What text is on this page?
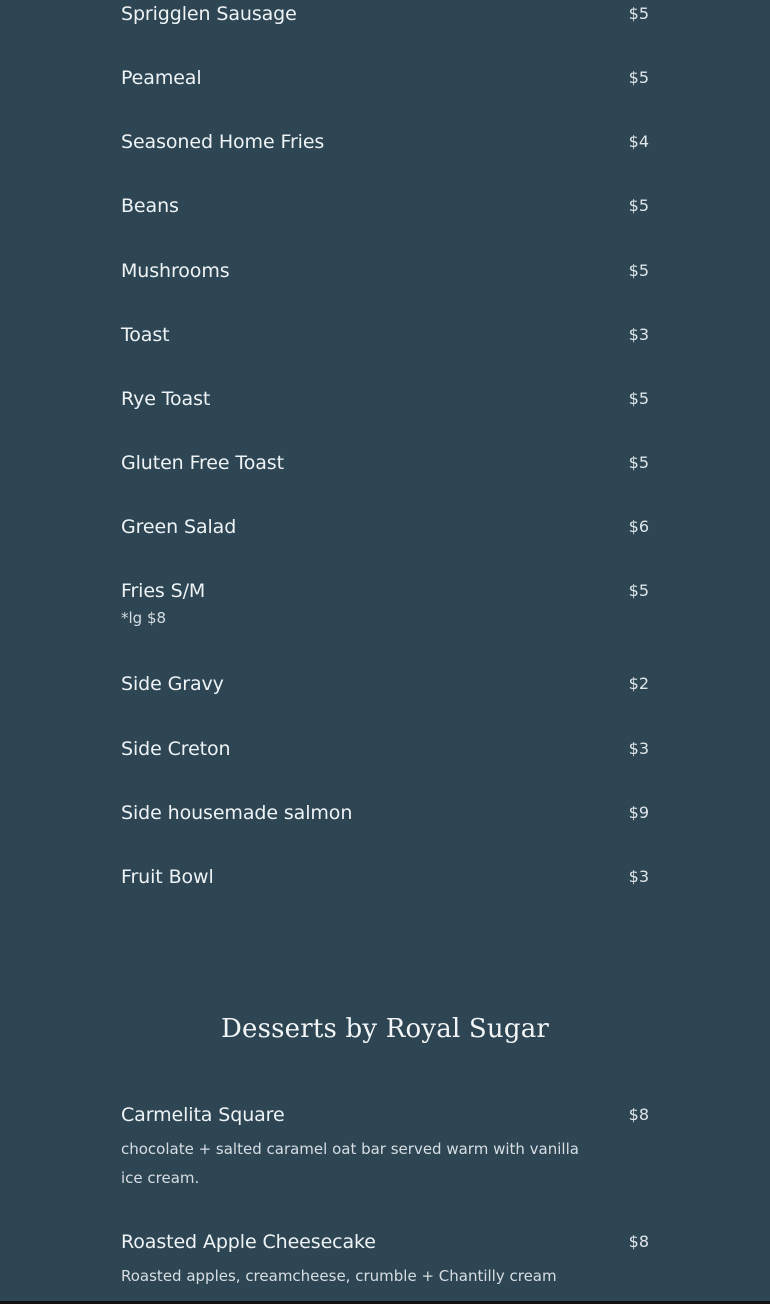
Sprigglen Sausage	$5
Peameal	$5
Seasoned Home Fries	$4
Beans	$5
Mushrooms	$5
Toast	$3
Rye Toast	$5
Gluten Free Toast	$5
Green Salad	$6
Fries S/M	$5
*lg $8
Side Gravy	$2
Side Creton	$3
Side housemade salmon	$9
Fruit Bowl	$3
Desserts by Royal Sugar
Carmelita Square	$8
chocolate + salted caramel oat bar served warm with vanilla ice cream.
Roasted Apple Cheesecake	$8
Roasted apples, creamcheese, crumble + Chantilly cream
